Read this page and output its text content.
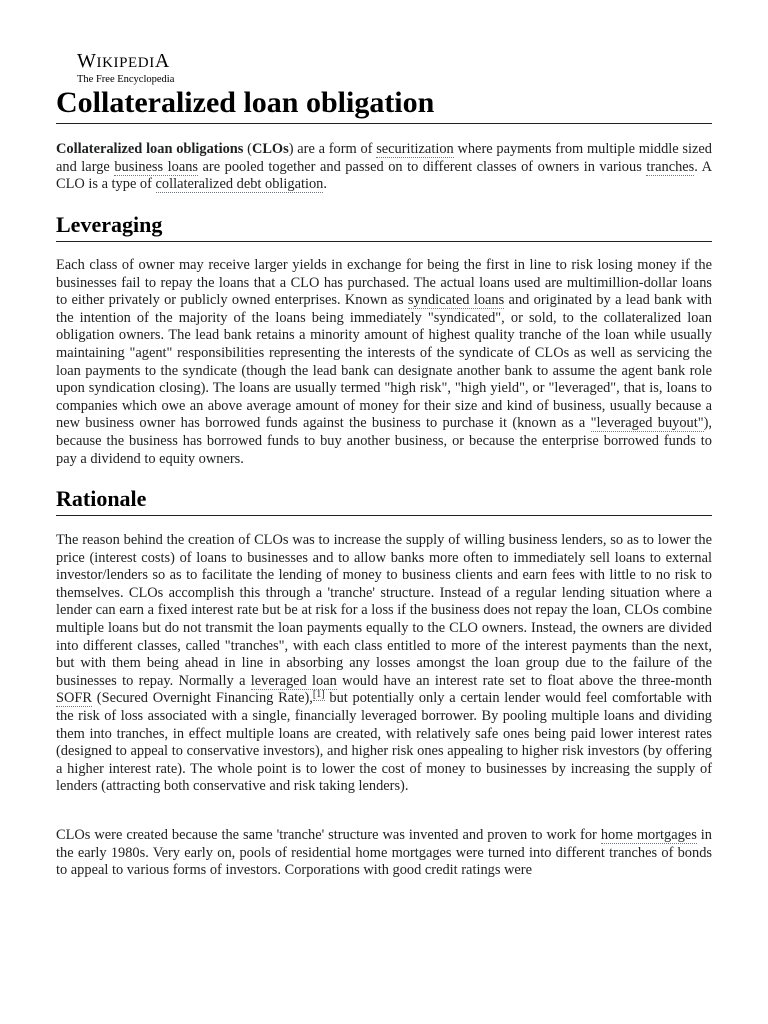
WIKIPEDIA
The Free Encyclopedia
Collateralized loan obligation

Collateralized loan obligations (CLOs) are a form of securitization where payments from multiple middle sized and large business loans are pooled together and passed on to different classes of owners in various tranches. A CLO is a type of collateralized debt obligation.

Leveraging

Each class of owner may receive larger yields in exchange for being the first in line to risk losing money if the businesses fail to repay the loans that a CLO has purchased. The actual loans used are multimillion-dollar loans to either privately or publicly owned enterprises. Known as syndicated loans and originated by a lead bank with the intention of the majority of the loans being immediately "syndicated", or sold, to the collateralized loan obligation owners. The lead bank retains a minority amount of highest quality tranche of the loan while usually maintaining "agent" responsibilities representing the interests of the syndicate of CLOs as well as servicing the loan payments to the syndicate (though the lead bank can designate another bank to assume the agent bank role upon syndication closing). The loans are usually termed "high risk", "high yield", or "leveraged", that is, loans to companies which owe an above average amount of money for their size and kind of business, usually because a new business owner has borrowed funds against the business to purchase it (known as a "leveraged buyout"), because the business has borrowed funds to buy another business, or because the enterprise borrowed funds to pay a dividend to equity owners.

Rationale

The reason behind the creation of CLOs was to increase the supply of willing business lenders, so as to lower the price (interest costs) of loans to businesses and to allow banks more often to immediately sell loans to external investor/lenders so as to facilitate the lending of money to business clients and earn fees with little to no risk to themselves. CLOs accomplish this through a 'tranche' structure. Instead of a regular lending situation where a lender can earn a fixed interest rate but be at risk for a loss if the business does not repay the loan, CLOs combine multiple loans but do not transmit the loan payments equally to the CLO owners. Instead, the owners are divided into different classes, called "tranches", with each class entitled to more of the interest payments than the next, but with them being ahead in line in absorbing any losses amongst the loan group due to the failure of the businesses to repay. Normally a leveraged loan would have an interest rate set to float above the three-month SOFR (Secured Overnight Financing Rate),[1] but potentially only a certain lender would feel comfortable with the risk of loss associated with a single, financially leveraged borrower. By pooling multiple loans and dividing them into tranches, in effect multiple loans are created, with relatively safe ones being paid lower interest rates (designed to appeal to conservative investors), and higher risk ones appealing to higher risk investors (by offering a higher interest rate). The whole point is to lower the cost of money to businesses by increasing the supply of lenders (attracting both conservative and risk taking lenders).

CLOs were created because the same 'tranche' structure was invented and proven to work for home mortgages in the early 1980s. Very early on, pools of residential home mortgages were turned into different tranches of bonds to appeal to various forms of investors. Corporations with good credit ratings were
